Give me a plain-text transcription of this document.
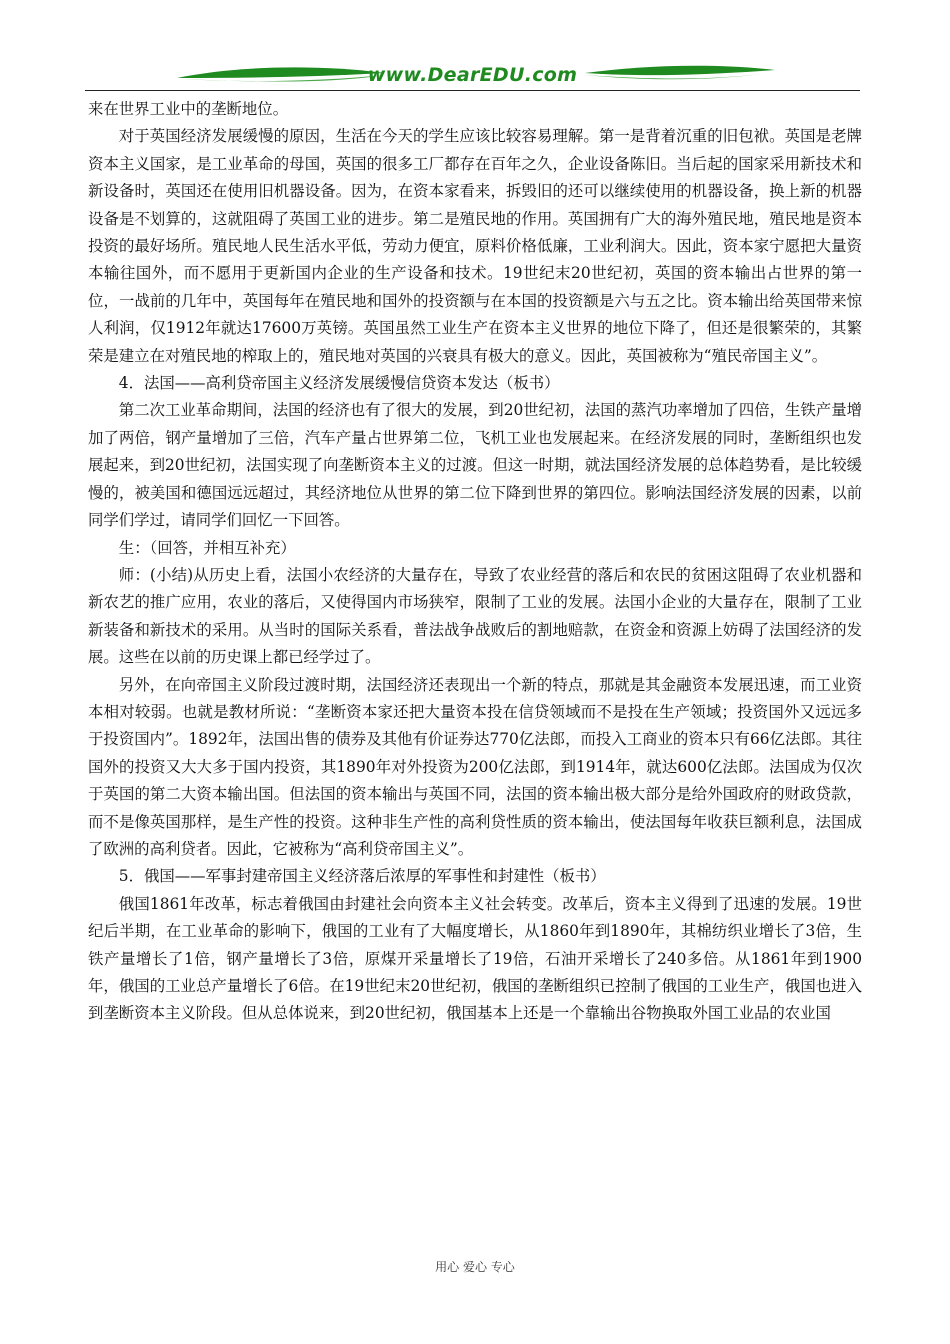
www.DearEDU.com

来在世界工业中的垄断地位。

对于英国经济发展缓慢的原因，生活在今天的学生应该比较容易理解。第一是背着沉重的旧包袱。英国是老牌资本主义国家，是工业革命的母国，英国的很多工厂都存在百年之久，企业设备陈旧。当后起的国家采用新技术和新设备时，英国还在使用旧机器设备。因为，在资本家看来，拆毁旧的还可以继续使用的机器设备，换上新的机器设备是不划算的，这就阻碍了英国工业的进步。第二是殖民地的作用。英国拥有广大的海外殖民地，殖民地是资本投资的最好场所。殖民地人民生活水平低，劳动力便宜，原料价格低廉，工业利润大。因此，资本家宁愿把大量资本输往国外，而不愿用于更新国内企业的生产设备和技术。19世纪末20世纪初，英国的资本输出占世界的第一位，一战前的几年中，英国每年在殖民地和国外的投资额与在本国的投资额是六与五之比。资本输出给英国带来惊人利润，仅1912年就达17600万英镑。英国虽然工业生产在资本主义世界的地位下降了，但还是很繁荣的，其繁荣是建立在对殖民地的榨取上的，殖民地对英国的兴衰具有极大的意义。因此，英国被称为“殖民帝国主义”。

4．法国——高利贷帝国主义经济发展缓慢信贷资本发达（板书）

第二次工业革命期间，法国的经济也有了很大的发展，到20世纪初，法国的蒸汽功率增加了四倍，生铁产量增加了两倍，钢产量增加了三倍，汽车产量占世界第二位，飞机工业也发展起来。在经济发展的同时，垄断组织也发展起来，到20世纪初，法国实现了向垄断资本主义的过渡。但这一时期，就法国经济发展的总体趋势看，是比较缓慢的，被美国和德国远远超过，其经济地位从世界的第二位下降到世界的第四位。影响法国经济发展的因素，以前同学们学过，请同学们回忆一下回答。

生：（回答，并相互补充）

师：(小结)从历史上看，法国小农经济的大量存在，导致了农业经营的落后和农民的贫困这阻碍了农业机器和新农艺的推广应用，农业的落后，又使得国内市场狭窄，限制了工业的发展。法国小企业的大量存在，限制了工业新装备和新技术的采用。从当时的国际关系看，普法战争战败后的割地赔款，在资金和资源上妨碍了法国经济的发展。这些在以前的历史课上都已经学过了。

另外，在向帝国主义阶段过渡时期，法国经济还表现出一个新的特点，那就是其金融资本发展迅速，而工业资本相对较弱。也就是教材所说：“垄断资本家还把大量资本投在信贷领域而不是投在生产领域；投资国外又远远多于投资国内”。1892年，法国出售的债券及其他有价证券达770亿法郎，而投入工商业的资本只有66亿法郎。其往国外的投资又大大多于国内投资，其1890年对外投资为200亿法郎，到1914年，就达600亿法郎。法国成为仅次于英国的第二大资本输出国。但法国的资本输出与英国不同，法国的资本输出极大部分是给外国政府的财政贷款，而不是像英国那样，是生产性的投资。这种非生产性的高利贷性质的资本输出，使法国每年收获巨额利息，法国成了欧洲的高利贷者。因此，它被称为“高利贷帝国主义”。

5．俄国——军事封建帝国主义经济落后浓厚的军事性和封建性（板书）

俄国1861年改革，标志着俄国由封建社会向资本主义社会转变。改革后，资本主义得到了迅速的发展。19世纪后半期，在工业革命的影响下，俄国的工业有了大幅度增长，从1860年到1890年，其棉纺织业增长了3倍，生铁产量增长了1倍，钢产量增长了3倍，原煤开采量增长了19倍，石油开采增长了240多倍。从1861年到1900年，俄国的工业总产量增长了6倍。在19世纪末20世纪初，俄国的垄断组织已控制了俄国的工业生产，俄国也进入到垄断资本主义阶段。但从总体说来，到20世纪初，俄国基本上还是一个靠输出谷物换取外国工业品的农业国

用心 爱心 专心
